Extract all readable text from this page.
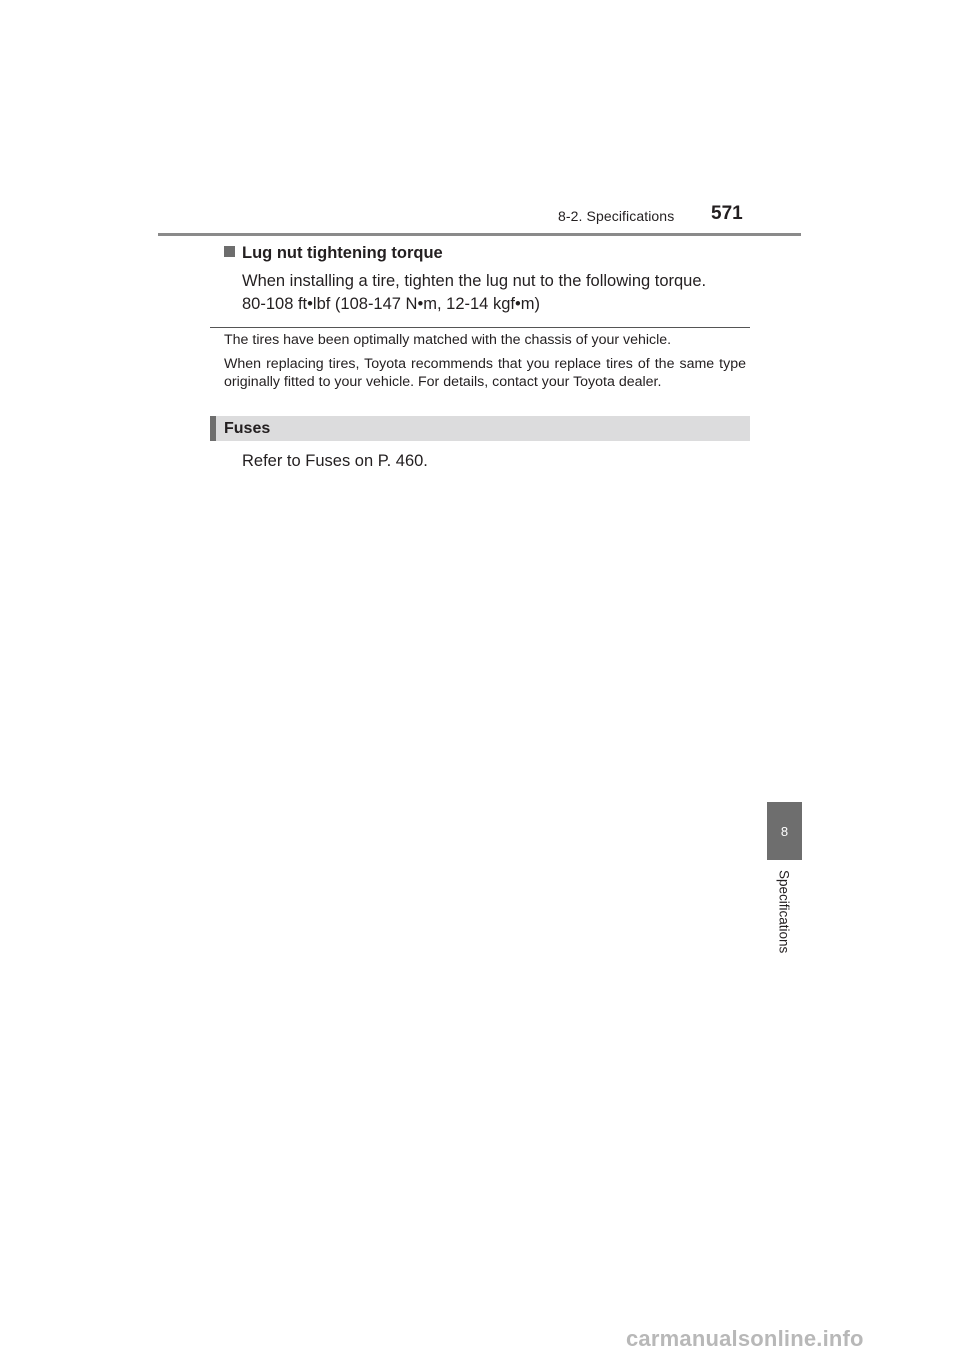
8-2. Specifications 571
Lug nut tightening torque

When installing a tire, tighten the lug nut to the following torque.

80-108 ft•lbf (108-147 N•m, 12-14 kgf•m)

The tires have been optimally matched with the chassis of your vehicle.

When replacing tires, Toyota recommends that you replace tires of the same type originally fitted to your vehicle. For details, contact your Toyota dealer.

Fuses
Refer to Fuses on P. 460.
8
Specifications
carmanualsonline.info
